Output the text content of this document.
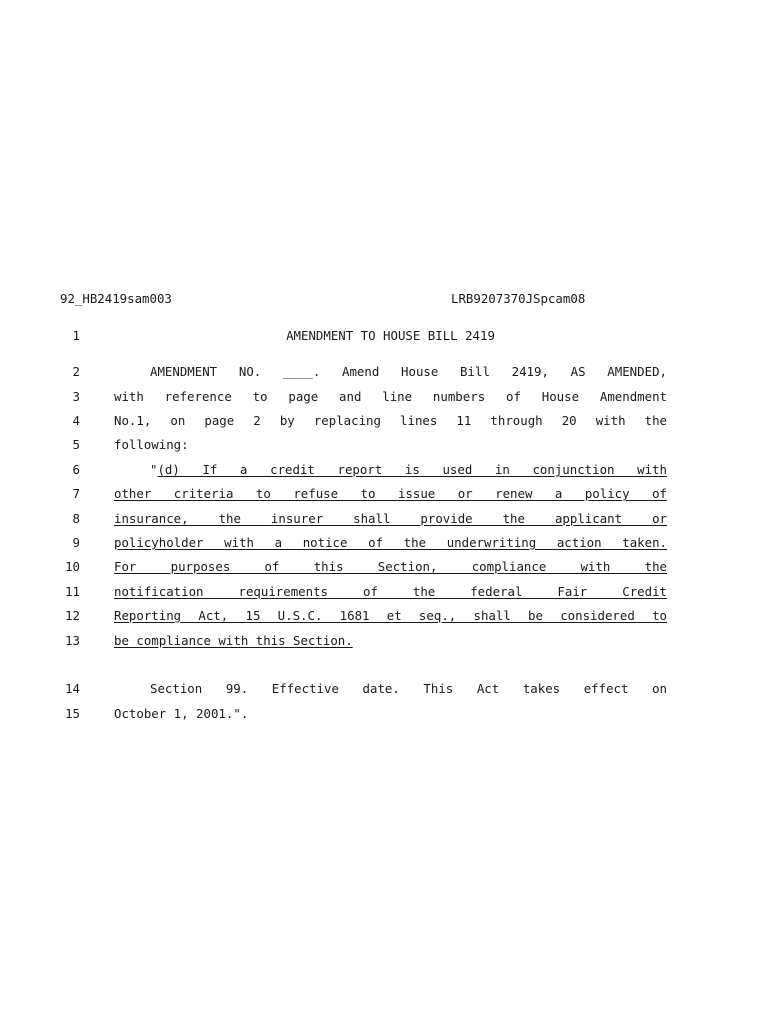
92_HB2419sam003	LRB9207370JSpcam08
1	AMENDMENT TO HOUSE BILL 2419
2	AMENDMENT NO. ____. Amend House Bill 2419, AS AMENDED,
3	with reference to page and line numbers of House Amendment
4	No.1, on page 2 by replacing lines 11 through 20 with the
5	following:
6	" (d) If a credit report is used in conjunction with
7	other criteria to refuse to issue or renew a policy of
8	insurance, the insurer shall provide the applicant or
9	policyholder with a notice of the underwriting action taken.
10	For purposes of this Section, compliance with the
11	notification requirements of the federal Fair Credit
12	Reporting Act, 15 U.S.C. 1681 et seq., shall be considered to
13	be compliance with this Section.
14	Section 99. Effective date. This Act takes effect on
15	October 1, 2001.".
